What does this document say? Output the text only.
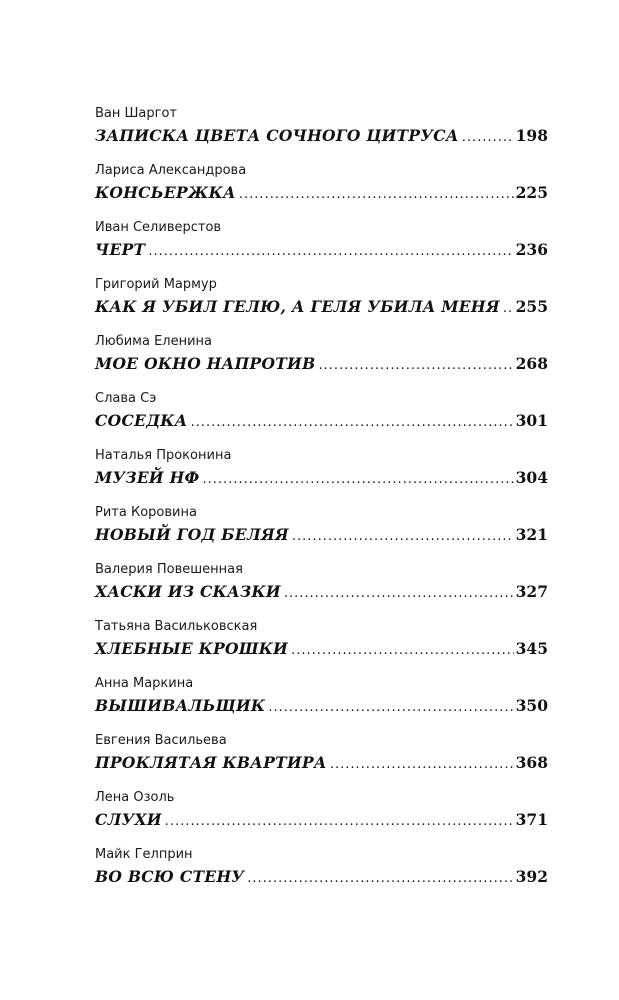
Ван Шаргот
ЗАПИСКА ЦВЕТА СОЧНОГО ЦИТРУСА .....	198
Лариса Александрова
КОНСЬЕРЖКА .....	225
Иван Селиверстов
ЧЕРТ .....	236
Григорий Мармур
КАК Я УБИЛ ГЕЛЮ, А ГЕЛЯ УБИЛА МЕНЯ ..... 255
Любима Еленина
МОЕ ОКНО НАПРОТИВ .....	268
Слава Сэ
СОСЕДКА .....	301
Наталья Проконина
МУЗЕЙ НФ .....	304
Рита Коровина
НОВЫЙ ГОД БЕЛЯЯ .....	321
Валерия Повешенная
ХАСКИ ИЗ СКАЗКИ .....	327
Татьяна Васильковская
ХЛЕБНЫЕ КРОШКИ .....	345
Анна Маркина
ВЫШИВАЛЬЩИК .....	350
Евгения Васильева
ПРОКЛЯТАЯ КВАРТИРА .....	368
Лена Озоль
СЛУХИ .....	371
Майк Гелприн
ВО ВСЮ СТЕНУ .....	392
